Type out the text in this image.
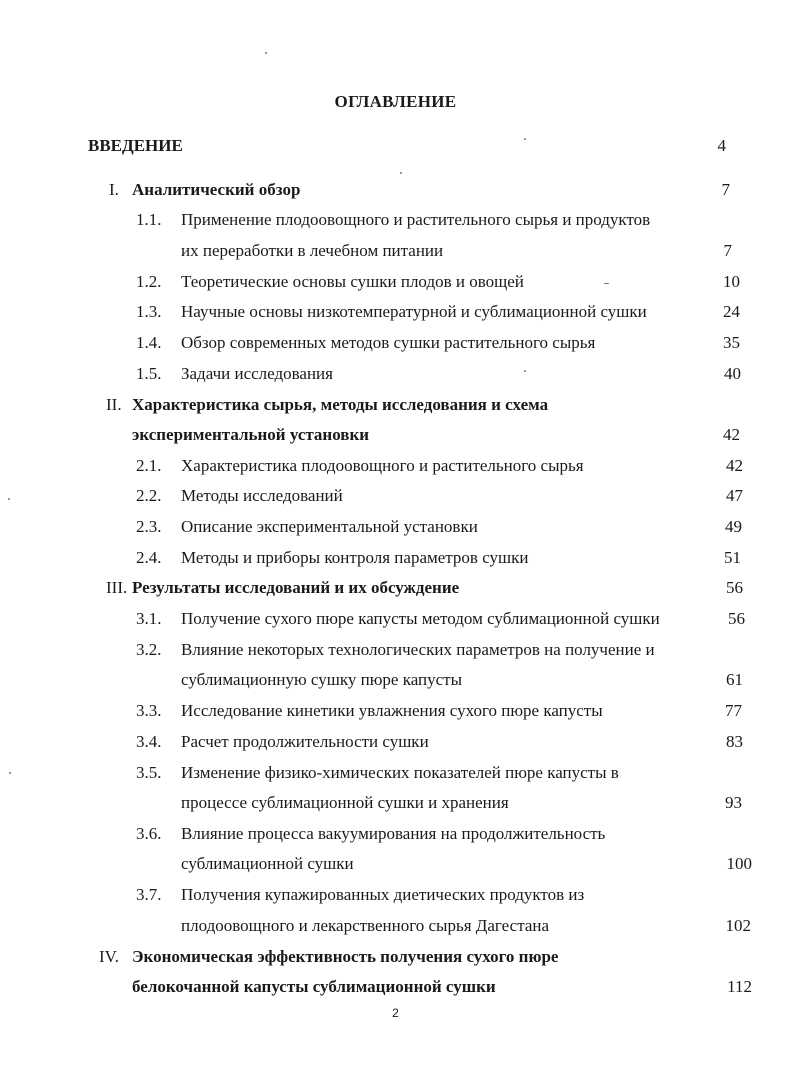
ОГЛАВЛЕНИЕ
ВВЕДЕНИЕ	4
I. Аналитический обзор	7
1.1. Применение плодоовощного и растительного сырья и продуктов
их переработки в лечебном питании	7
1.2. Теоретические основы сушки плодов и овощей	10
1.3. Научные основы низкотемпературной и сублимационной сушки	24
1.4. Обзор современных методов сушки растительного сырья	35
1.5. Задачи исследования	40
II. Характеристика сырья, методы исследования и схема
экспериментальной установки	42
2.1. Характеристика плодоовощного и растительного сырья	42
2.2. Методы исследований	47
2.3. Описание экспериментальной установки	49
2.4. Методы и приборы контроля параметров сушки	51
III. Результаты исследований и их обсуждение	56
3.1. Получение сухого пюре капусты методом сублимационной сушки	56
3.2. Влияние некоторых технологических параметров на получение и
сублимационную сушку пюре капусты	61
3.3. Исследование кинетики увлажнения сухого пюре капусты	77
3.4. Расчет продолжительности сушки	83
3.5. Изменение физико-химических показателей пюре капусты в
процессе сублимационной сушки и хранения	93
3.6. Влияние процесса вакуумирования на продолжительность
сублимационной сушки	100
3.7. Получения купажированных диетических продуктов из
плодоовощного и лекарственного сырья Дагестана	102
IV. Экономическая эффективность получения сухого пюре
белокочанной капусты сублимационной сушки	112
2
